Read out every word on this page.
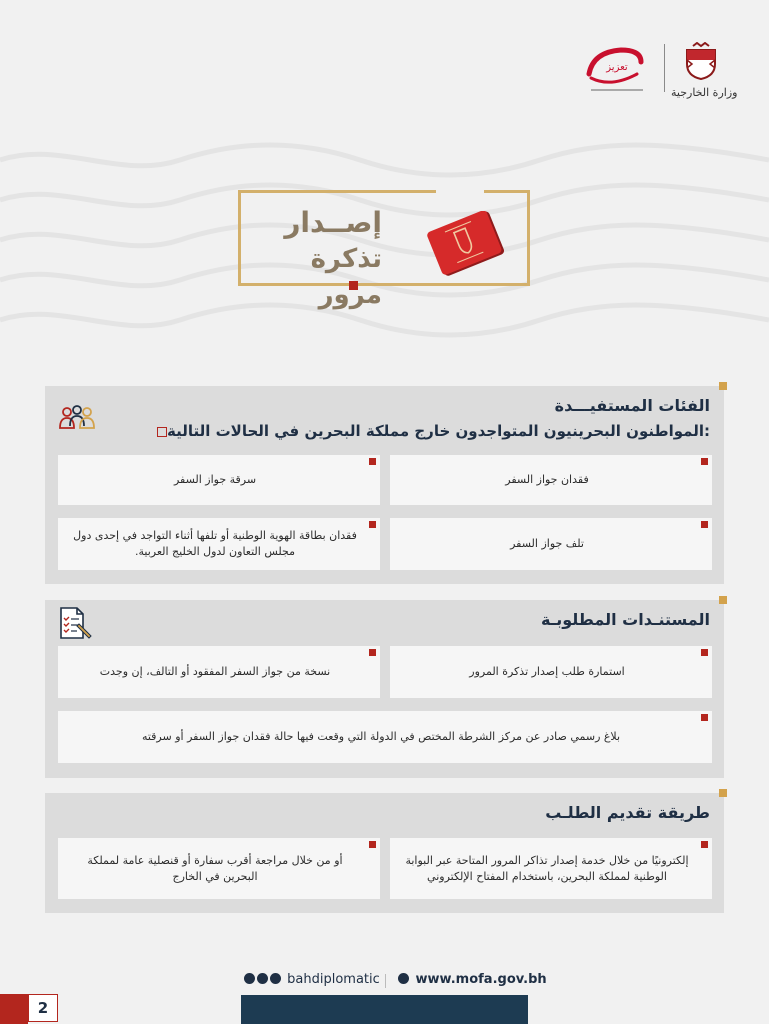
وزارة الخارجية
تعزيز
إصــدار
تذكرة مرور
الفئات المستفيـــدة
المواطنون البحرينيون المتواجدون خارج مملكة البحرين في الحالات التالية:
فقدان جواز السفر
سرقة جواز السفر
تلف جواز السفر
فقدان بطاقة الهوية الوطنية أو تلفها أثناء التواجد في إحدى دول مجلس التعاون لدول الخليج العربية.
المستنـدات المطلوبـة
استمارة طلب إصدار تذكرة المرور
نسخة من جواز السفر المفقود أو التالف، إن وجدت
بلاغ رسمي صادر عن مركز الشرطة المختص في الدولة التي وقعت فيها حالة فقدان جواز السفر أو سرقته
طريقة تقديم الطلـب
إلكترونيًا من خلال خدمة إصدار تذاكر المرور المتاحة عبر البوابة الوطنية لمملكة البحرين، باستخدام المفتاح الإلكتروني
أو من خلال مراجعة أقرب سفارة أو قنصلية عامة لمملكة البحرين في الخارج
bahdiplomatic	www.mofa.gov.bh
2
